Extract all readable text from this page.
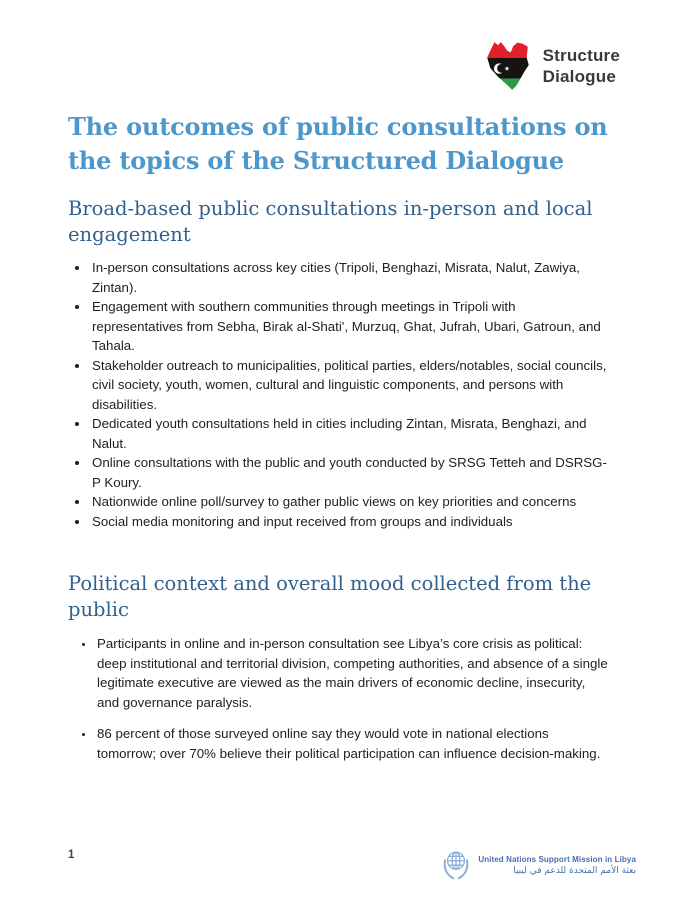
Structure
Dialogue
The outcomes of public consultations on the topics of the Structured Dialogue
Broad-based public consultations in-person and local engagement
• In-person consultations across key cities (Tripoli, Benghazi, Misrata, Nalut, Zawiya, Zintan).
• Engagement with southern communities through meetings in Tripoli with representatives from Sebha, Birak al-Shati', Murzuq, Ghat, Jufrah, Ubari, Gatroun, and Tahala.
• Stakeholder outreach to municipalities, political parties, elders/notables, social councils, civil society, youth, women, cultural and linguistic components, and persons with disabilities.
• Dedicated youth consultations held in cities including Zintan, Misrata, Benghazi, and Nalut.
• Online consultations with the public and youth conducted by SRSG Tetteh and DSRSG-P Koury.
• Nationwide online poll/survey to gather public views on key priorities and concerns
• Social media monitoring and input received from groups and individuals
Political context and overall mood collected from the public
• Participants in online and in-person consultation see Libya’s core crisis as political: deep institutional and territorial division, competing authorities, and absence of a single legitimate executive are viewed as the main drivers of economic decline, insecurity, and governance paralysis.
• 86 percent of those surveyed online say they would vote in national elections tomorrow; over 70% believe their political participation can influence decision-making.
1	United Nations Support Mission in Libya
بعثة الأمم المتحدة للدعم في ليبيا
